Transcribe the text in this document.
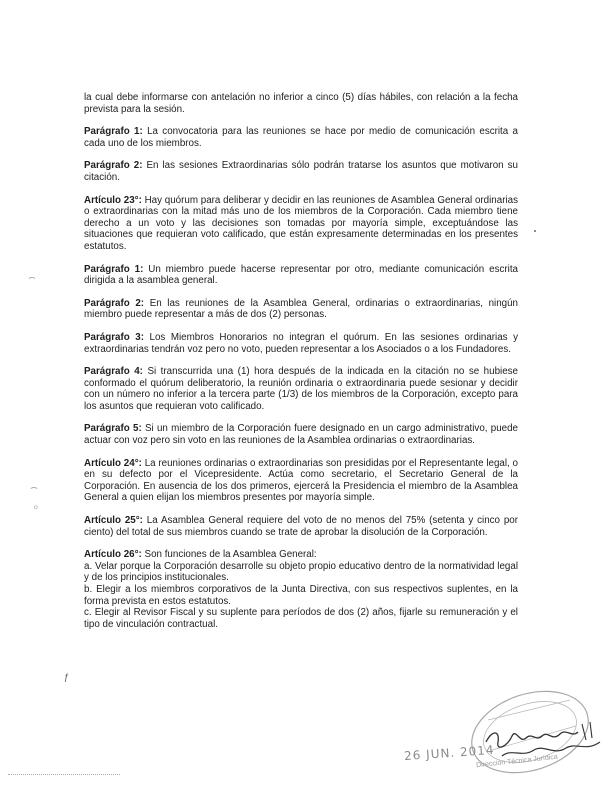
⌢
⌢
∘
ƒ

la cual debe informarse con antelación no inferior a cinco (5) días hábiles, con relación a la fecha prevista para la sesión.

Parágrafo 1: La convocatoria para las reuniones se hace por medio de comunicación escrita a cada uno de los miembros.

Parágrafo 2: En las sesiones Extraordinarias sólo podrán tratarse los asuntos que motivaron su citación.

Artículo 23°: Hay quórum para deliberar y decidir en las reuniones de Asamblea General ordinarias o extraordinarias con la mitad más uno de los miembros de la Corporación. Cada miembro tiene derecho a un voto y las decisiones son tomadas por mayoría simple, exceptuándose las situaciones que requieran voto calificado, que están expresamente determinadas en los presentes estatutos.

Parágrafo 1: Un miembro puede hacerse representar por otro, mediante comunicación escrita dirigida a la asamblea general.

Parágrafo 2: En las reuniones de la Asamblea General, ordinarias o extraordinarias, ningún miembro puede representar a más de dos (2) personas.

Parágrafo 3: Los Miembros Honorarios no integran el quórum. En las sesiones ordinarias y extraordinarias tendrán voz pero no voto, pueden representar a los Asociados o a los Fundadores.

Parágrafo 4: Si transcurrida una (1) hora después de la indicada en la citación no se hubiese conformado el quórum deliberatorio, la reunión ordinaria o extraordinaria puede sesionar y decidir con un número no inferior a la tercera parte (1/3) de los miembros de la Corporación, excepto para los asuntos que requieran voto calificado.

Parágrafo 5: Si un miembro de la Corporación fuere designado en un cargo administrativo, puede actuar con voz pero sin voto en las reuniones de la Asamblea ordinarias o extraordinarias.

Artículo 24°: La reuniones ordinarias o extraordinarias son presididas por el Representante legal, o en su defecto por el Vicepresidente. Actúa como secretario, el Secretario General de la Corporación. En ausencia de los dos primeros, ejercerá la Presidencia el miembro de la Asamblea General a quien elijan los miembros presentes por mayoría simple.

Artículo 25°: La Asamblea General requiere del voto de no menos del 75% (setenta y cinco por ciento) del total de sus miembros cuando se trate de aprobar la disolución de la Corporación.

Artículo 26°: Son funciones de la Asamblea General:
a. Velar porque la Corporación desarrolle su objeto propio educativo dentro de la normatividad legal y de los principios institucionales.
b. Elegir a los miembros corporativos de la Junta Directiva, con sus respectivos suplentes, en la forma prevista en estos estatutos.
c. Elegir al Revisor Fiscal y su suplente para períodos de dos (2) años, fijarle su remuneración y el tipo de vinculación contractual.
26 JUN. 2014
Dirección Técnica Jurídica
